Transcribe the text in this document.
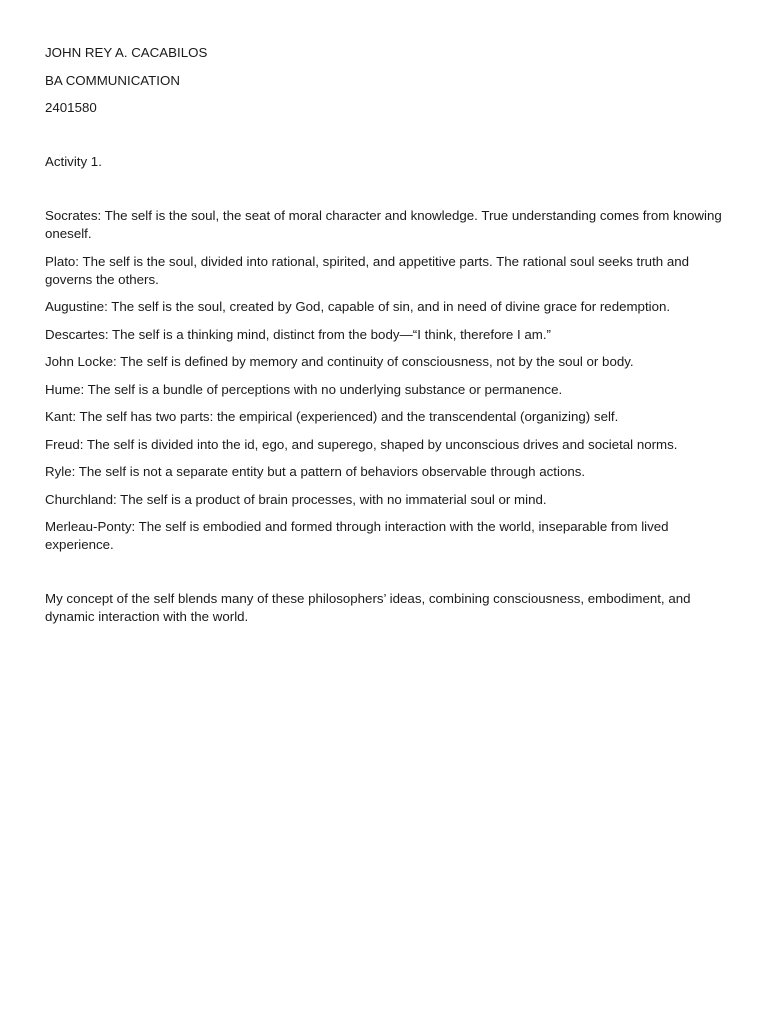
JOHN REY A. CACABILOS

BA COMMUNICATION

2401580

Activity 1.

Socrates: The self is the soul, the seat of moral character and knowledge. True understanding comes from knowing oneself.
Plato: The self is the soul, divided into rational, spirited, and appetitive parts. The rational soul seeks truth and governs the others.
Augustine: The self is the soul, created by God, capable of sin, and in need of divine grace for redemption.
Descartes: The self is a thinking mind, distinct from the body—“I think, therefore I am.”
John Locke: The self is defined by memory and continuity of consciousness, not by the soul or body.
Hume: The self is a bundle of perceptions with no underlying substance or permanence.
Kant: The self has two parts: the empirical (experienced) and the transcendental (organizing) self.
Freud: The self is divided into the id, ego, and superego, shaped by unconscious drives and societal norms.
Ryle: The self is not a separate entity but a pattern of behaviors observable through actions.
Churchland: The self is a product of brain processes, with no immaterial soul or mind.
Merleau-Ponty: The self is embodied and formed through interaction with the world, inseparable from lived experience.

My concept of the self blends many of these philosophers’ ideas, combining consciousness, embodiment, and dynamic interaction with the world.
